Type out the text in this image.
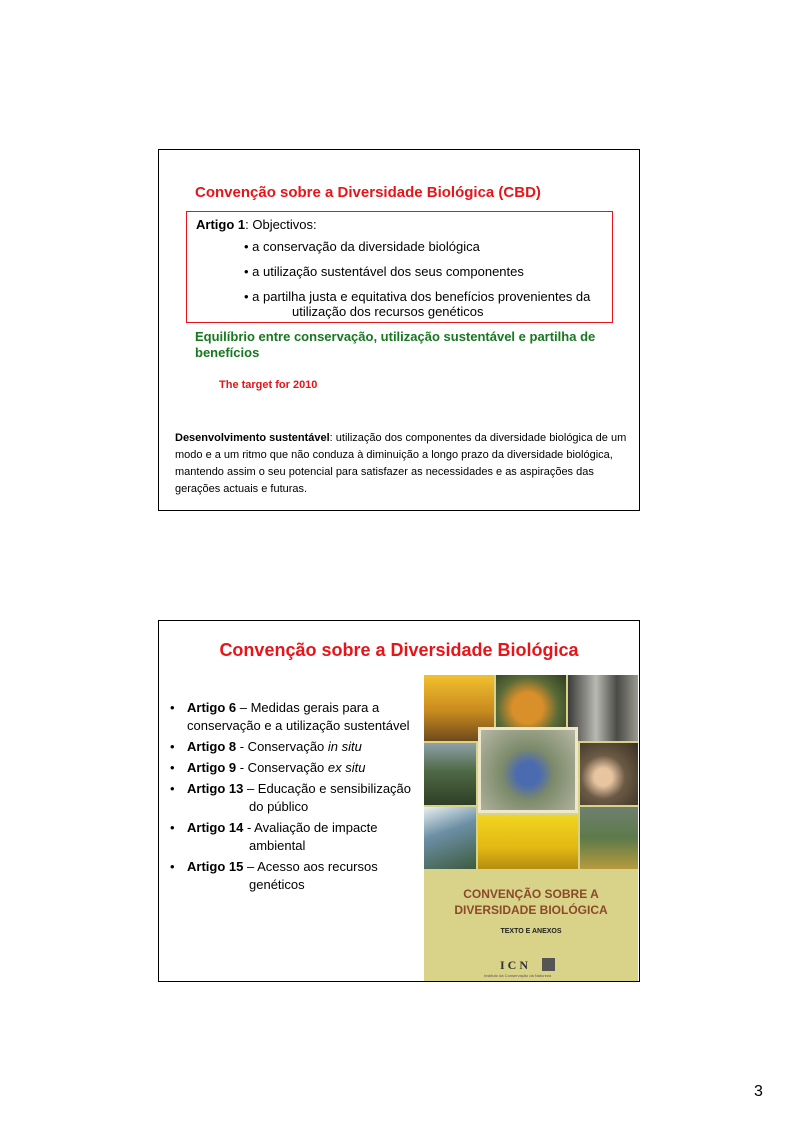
Convenção sobre a Diversidade Biológica (CBD)
Artigo 1: Objectivos:
• a conservação da diversidade biológica
• a utilização sustentável dos seus componentes
• a partilha justa e equitativa dos benefícios provenientes da
utilização dos recursos genéticos
Equilíbrio entre conservação, utilização sustentável e partilha de benefícios
The target for 2010
Desenvolvimento sustentável: utilização dos componentes da diversidade biológica de um modo e a um ritmo que não conduza à diminuição a longo prazo da diversidade biológica, mantendo assim o seu potencial para satisfazer as necessidades e as aspirações das gerações actuais e futuras.
Convenção sobre a Diversidade Biológica
• Artigo 6 – Medidas gerais para a
conservação e a utilização sustentável
• Artigo 8 - Conservação in situ
• Artigo 9 - Conservação ex situ
• Artigo 13 – Educação e sensibilização
do público
• Artigo 14 - Avaliação de impacte
ambiental
• Artigo 15 – Acesso aos recursos
genéticos
CONVENÇÃO SOBRE A
DIVERSIDADE BIOLÓGICA
TEXTO E ANEXOS
ICN
Instituto da Conservação da Natureza
3
